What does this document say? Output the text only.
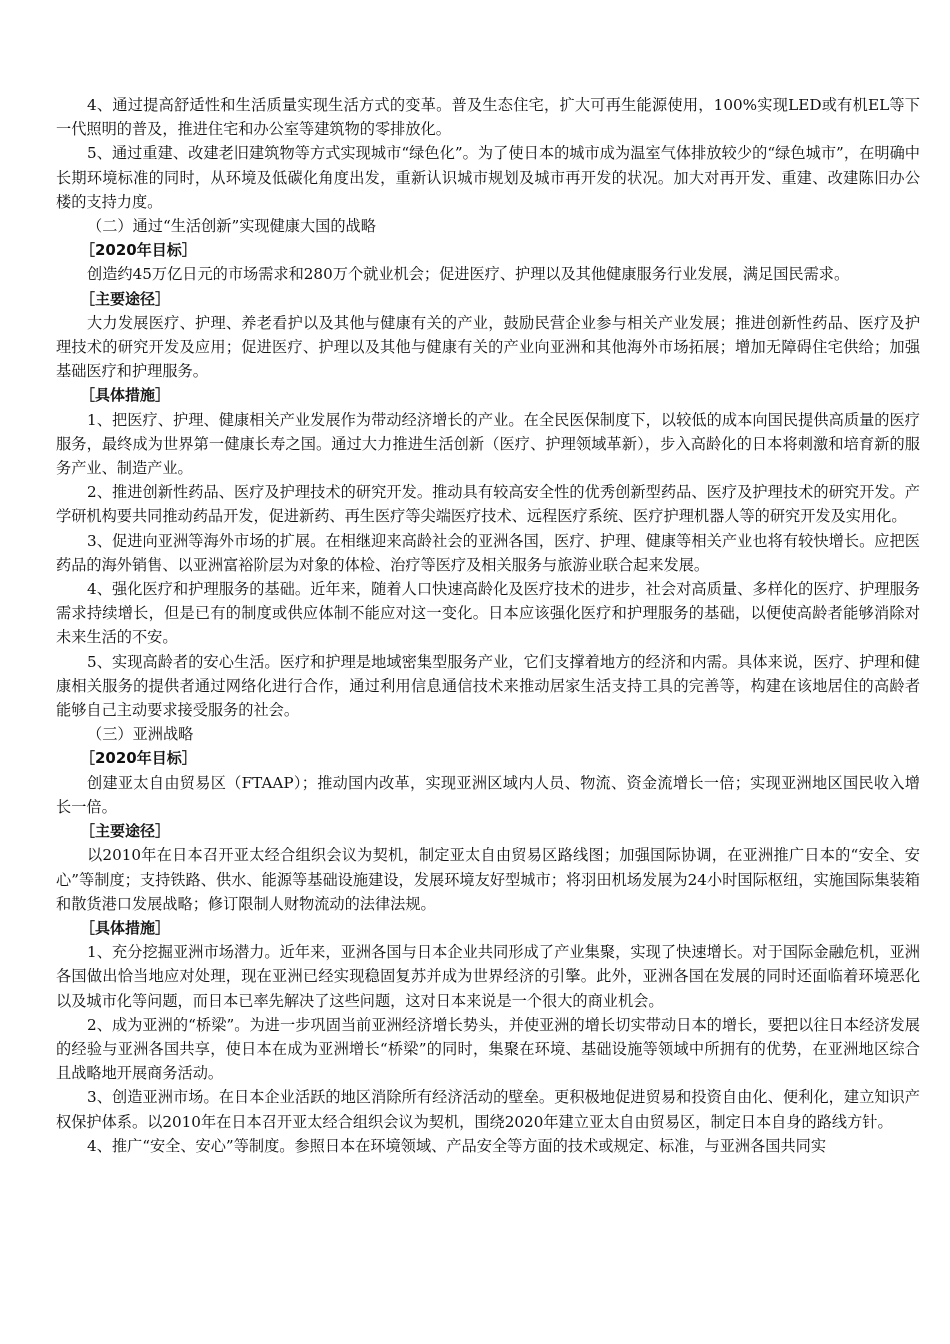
4、通过提高舒适性和生活质量实现生活方式的变革。普及生态住宅，扩大可再生能源使用，100%实现LED或有机EL等下一代照明的普及，推进住宅和办公室等建筑物的零排放化。

5、通过重建、改建老旧建筑物等方式实现城市“绿色化”。为了使日本的城市成为温室气体排放较少的“绿色城市”，在明确中长期环境标准的同时，从环境及低碳化角度出发，重新认识城市规划及城市再开发的状况。加大对再开发、重建、改建陈旧办公楼的支持力度。

（二）通过“生活创新”实现健康大国的战略

［2020年目标］

创造约45万亿日元的市场需求和280万个就业机会；促进医疗、护理以及其他健康服务行业发展，满足国民需求。

［主要途径］

大力发展医疗、护理、养老看护以及其他与健康有关的产业，鼓励民营企业参与相关产业发展；推进创新性药品、医疗及护理技术的研究开发及应用；促进医疗、护理以及其他与健康有关的产业向亚洲和其他海外市场拓展；增加无障碍住宅供给；加强基础医疗和护理服务。

［具体措施］

1、把医疗、护理、健康相关产业发展作为带动经济增长的产业。在全民医保制度下，以较低的成本向国民提供高质量的医疗服务，最终成为世界第一健康长寿之国。通过大力推进生活创新（医疗、护理领域革新），步入高龄化的日本将刺激和培育新的服务产业、制造产业。

2、推进创新性药品、医疗及护理技术的研究开发。推动具有较高安全性的优秀创新型药品、医疗及护理技术的研究开发。产学研机构要共同推动药品开发，促进新药、再生医疗等尖端医疗技术、远程医疗系统、医疗护理机器人等的研究开发及实用化。

3、促进向亚洲等海外市场的扩展。在相继迎来高龄社会的亚洲各国，医疗、护理、健康等相关产业也将有较快增长。应把医药品的海外销售、以亚洲富裕阶层为对象的体检、治疗等医疗及相关服务与旅游业联合起来发展。

4、强化医疗和护理服务的基础。近年来，随着人口快速高龄化及医疗技术的进步，社会对高质量、多样化的医疗、护理服务需求持续增长，但是已有的制度或供应体制不能应对这一变化。日本应该强化医疗和护理服务的基础，以便使高龄者能够消除对未来生活的不安。

5、实现高龄者的安心生活。医疗和护理是地域密集型服务产业，它们支撑着地方的经济和内需。具体来说，医疗、护理和健康相关服务的提供者通过网络化进行合作，通过利用信息通信技术来推动居家生活支持工具的完善等，构建在该地居住的高龄者能够自己主动要求接受服务的社会。

（三）亚洲战略

［2020年目标］

创建亚太自由贸易区（FTAAP）；推动国内改革，实现亚洲区域内人员、物流、资金流增长一倍；实现亚洲地区国民收入增长一倍。

［主要途径］

以2010年在日本召开亚太经合组织会议为契机，制定亚太自由贸易区路线图；加强国际协调，在亚洲推广日本的“安全、安心”等制度；支持铁路、供水、能源等基础设施建设，发展环境友好型城市；将羽田机场发展为24小时国际枢纽，实施国际集装箱和散货港口发展战略；修订限制人财物流动的法律法规。

［具体措施］

1、充分挖掘亚洲市场潜力。近年来，亚洲各国与日本企业共同形成了产业集聚，实现了快速增长。对于国际金融危机，亚洲各国做出恰当地应对处理，现在亚洲已经实现稳固复苏并成为世界经济的引擎。此外，亚洲各国在发展的同时还面临着环境恶化以及城市化等问题，而日本已率先解决了这些问题，这对日本来说是一个很大的商业机会。

2、成为亚洲的“桥梁”。为进一步巩固当前亚洲经济增长势头，并使亚洲的增长切实带动日本的增长，要把以往日本经济发展的经验与亚洲各国共享，使日本在成为亚洲增长“桥梁”的同时，集聚在环境、基础设施等领域中所拥有的优势，在亚洲地区综合且战略地开展商务活动。

3、创造亚洲市场。在日本企业活跃的地区消除所有经济活动的壁垒。更积极地促进贸易和投资自由化、便利化，建立知识产权保护体系。以2010年在日本召开亚太经合组织会议为契机，围绕2020年建立亚太自由贸易区，制定日本自身的路线方针。

4、推广“安全、安心”等制度。参照日本在环境领域、产品安全等方面的技术或规定、标准，与亚洲各国共同实
